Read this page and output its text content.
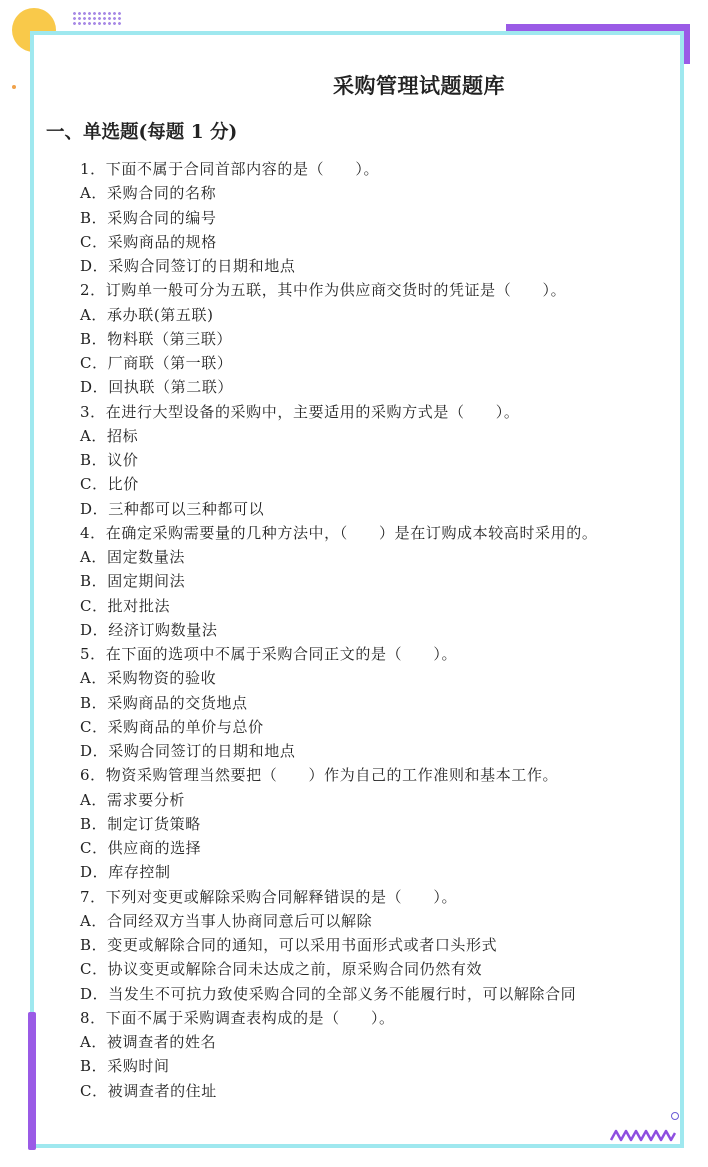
采购管理试题题库
一、单选题(每题 1 分)
1．下面不属于合同首部内容的是（　　）。
A．采购合同的名称
B．采购合同的编号
C．采购商品的规格
D．采购合同签订的日期和地点
2．订购单一般可分为五联，其中作为供应商交货时的凭证是（　　）。
A．承办联(第五联)
B．物料联（第三联）
C．厂商联（第一联）
D．回执联（第二联）
3．在进行大型设备的采购中，主要适用的采购方式是（　　）。
A．招标
B．议价
C．比价
D．三种都可以三种都可以
4．在确定采购需要量的几种方法中，（　　）是在订购成本较高时采用的。
A．固定数量法
B．固定期间法
C．批对批法
D．经济订购数量法
5．在下面的选项中不属于采购合同正文的是（　　）。
A．采购物资的验收
B．采购商品的交货地点
C．采购商品的单价与总价
D．采购合同签订的日期和地点
6．物资采购管理当然要把（　　）作为自己的工作准则和基本工作。
A．需求要分析
B．制定订货策略
C．供应商的选择
D．库存控制
7．下列对变更或解除采购合同解释错误的是（　　）。
A．合同经双方当事人协商同意后可以解除
B．变更或解除合同的通知，可以采用书面形式或者口头形式
C．协议变更或解除合同未达成之前，原采购合同仍然有效
D．当发生不可抗力致使采购合同的全部义务不能履行时，可以解除合同
8．下面不属于采购调查表构成的是（　　）。
A．被调查者的姓名
B．采购时间
C．被调查者的住址
